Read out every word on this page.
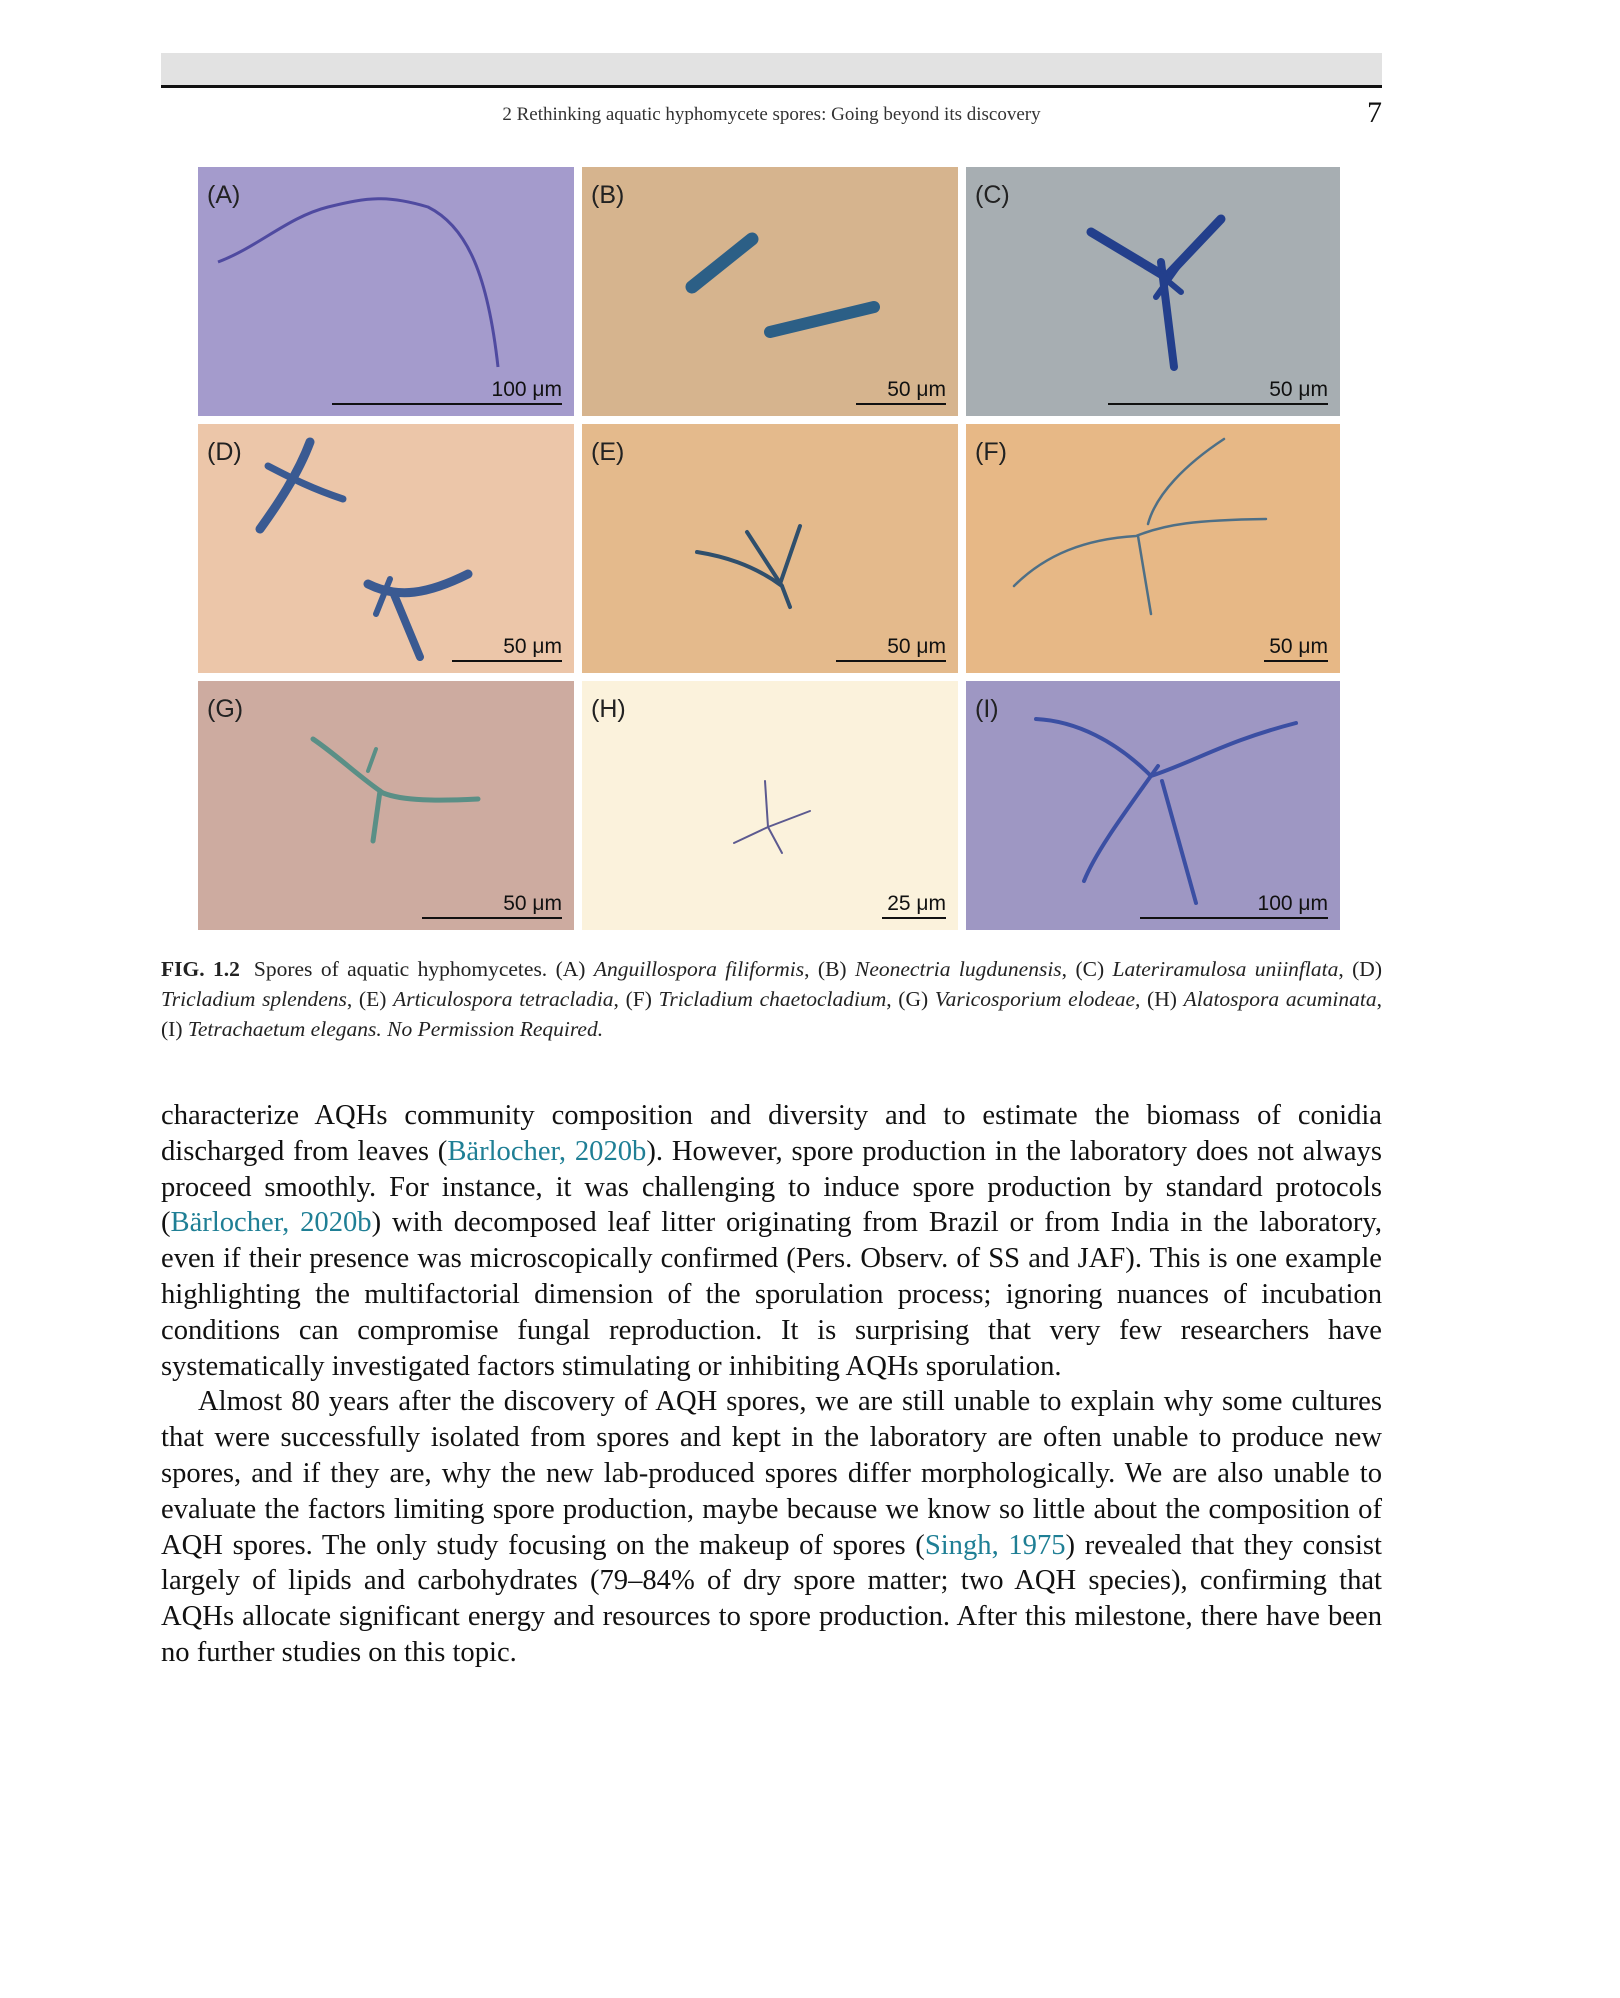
2 Rethinking aquatic hyphomycete spores: Going beyond its discovery	7
(A)
100 μm
(B)
50 μm
(C)
50 μm
(D)
50 μm
(E)
50 μm
(F)
50 μm
(G)
50 μm
(H)
25 μm
(I)
100 μm
FIG. 1.2 Spores of aquatic hyphomycetes. (A) Anguillospora filiformis, (B) Neonectria lugdunensis, (C) Lateriramulosa uniinflata, (D) Tricladium splendens, (E) Articulospora tetracladia, (F) Tricladium chaetocladium, (G) Varicosporium elodeae, (H) Alatospora acuminata, (I) Tetrachaetum elegans. No Permission Required.

characterize AQHs community composition and diversity and to estimate the biomass of conidia discharged from leaves (Bärlocher, 2020b). However, spore production in the laboratory does not always proceed smoothly. For instance, it was challenging to induce spore production by standard protocols (Bärlocher, 2020b) with decomposed leaf litter originating from Brazil or from India in the laboratory, even if their presence was microscopically confirmed (Pers. Observ. of SS and JAF). This is one example highlighting the multifactorial dimension of the sporulation process; ignoring nuances of incubation conditions can compromise fungal reproduction. It is surprising that very few researchers have systematically investigated factors stimulating or inhibiting AQHs sporulation.

Almost 80 years after the discovery of AQH spores, we are still unable to explain why some cultures that were successfully isolated from spores and kept in the laboratory are often unable to produce new spores, and if they are, why the new lab-produced spores differ morphologically. We are also unable to evaluate the factors limiting spore production, maybe because we know so little about the composition of AQH spores. The only study focusing on the makeup of spores (Singh, 1975) revealed that they consist largely of lipids and carbohydrates (79–84% of dry spore matter; two AQH species), confirming that AQHs allocate significant energy and resources to spore production. After this milestone, there have been no further studies on this topic.
